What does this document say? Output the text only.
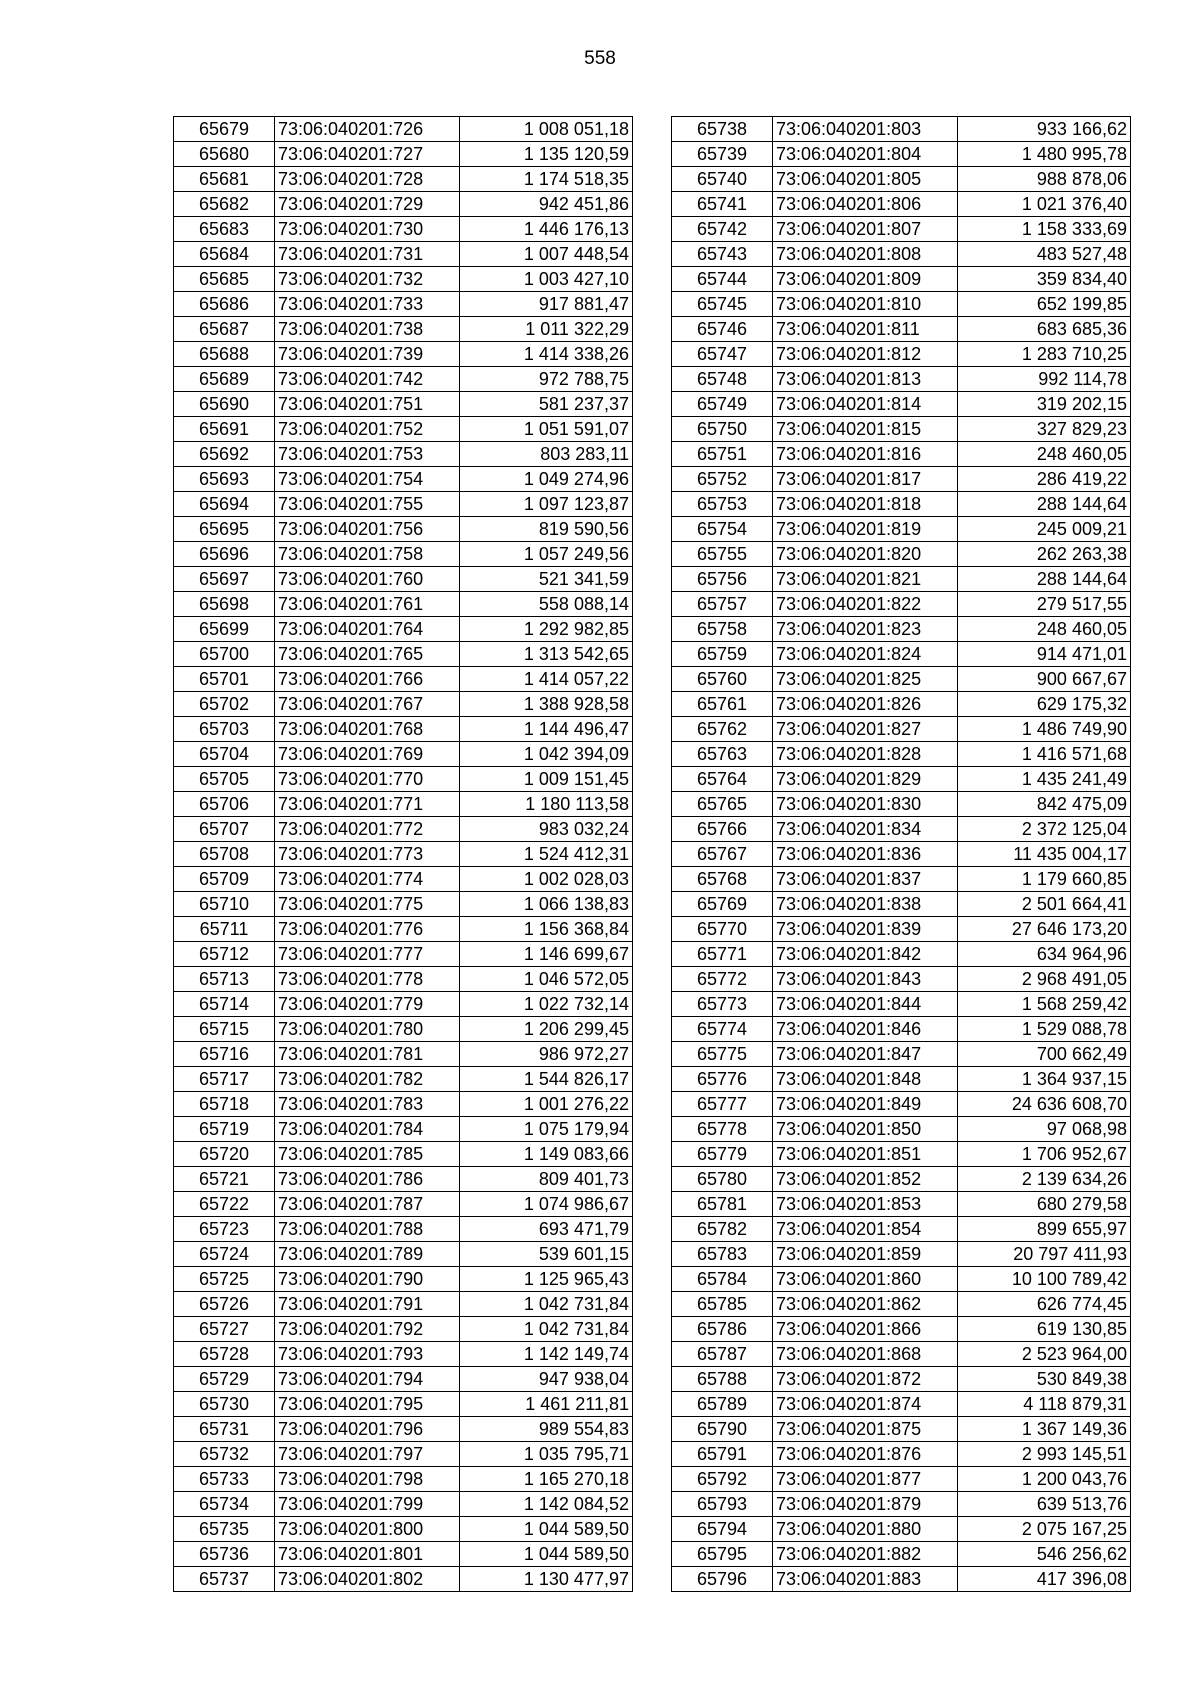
558
65679	73:06:040201:726	1 008 051,18
65680	73:06:040201:727	1 135 120,59
65681	73:06:040201:728	1 174 518,35
65682	73:06:040201:729	942 451,86
65683	73:06:040201:730	1 446 176,13
65684	73:06:040201:731	1 007 448,54
65685	73:06:040201:732	1 003 427,10
65686	73:06:040201:733	917 881,47
65687	73:06:040201:738	1 011 322,29
65688	73:06:040201:739	1 414 338,26
65689	73:06:040201:742	972 788,75
65690	73:06:040201:751	581 237,37
65691	73:06:040201:752	1 051 591,07
65692	73:06:040201:753	803 283,11
65693	73:06:040201:754	1 049 274,96
65694	73:06:040201:755	1 097 123,87
65695	73:06:040201:756	819 590,56
65696	73:06:040201:758	1 057 249,56
65697	73:06:040201:760	521 341,59
65698	73:06:040201:761	558 088,14
65699	73:06:040201:764	1 292 982,85
65700	73:06:040201:765	1 313 542,65
65701	73:06:040201:766	1 414 057,22
65702	73:06:040201:767	1 388 928,58
65703	73:06:040201:768	1 144 496,47
65704	73:06:040201:769	1 042 394,09
65705	73:06:040201:770	1 009 151,45
65706	73:06:040201:771	1 180 113,58
65707	73:06:040201:772	983 032,24
65708	73:06:040201:773	1 524 412,31
65709	73:06:040201:774	1 002 028,03
65710	73:06:040201:775	1 066 138,83
65711	73:06:040201:776	1 156 368,84
65712	73:06:040201:777	1 146 699,67
65713	73:06:040201:778	1 046 572,05
65714	73:06:040201:779	1 022 732,14
65715	73:06:040201:780	1 206 299,45
65716	73:06:040201:781	986 972,27
65717	73:06:040201:782	1 544 826,17
65718	73:06:040201:783	1 001 276,22
65719	73:06:040201:784	1 075 179,94
65720	73:06:040201:785	1 149 083,66
65721	73:06:040201:786	809 401,73
65722	73:06:040201:787	1 074 986,67
65723	73:06:040201:788	693 471,79
65724	73:06:040201:789	539 601,15
65725	73:06:040201:790	1 125 965,43
65726	73:06:040201:791	1 042 731,84
65727	73:06:040201:792	1 042 731,84
65728	73:06:040201:793	1 142 149,74
65729	73:06:040201:794	947 938,04
65730	73:06:040201:795	1 461 211,81
65731	73:06:040201:796	989 554,83
65732	73:06:040201:797	1 035 795,71
65733	73:06:040201:798	1 165 270,18
65734	73:06:040201:799	1 142 084,52
65735	73:06:040201:800	1 044 589,50
65736	73:06:040201:801	1 044 589,50
65737	73:06:040201:802	1 130 477,97
65738	73:06:040201:803	933 166,62
65739	73:06:040201:804	1 480 995,78
65740	73:06:040201:805	988 878,06
65741	73:06:040201:806	1 021 376,40
65742	73:06:040201:807	1 158 333,69
65743	73:06:040201:808	483 527,48
65744	73:06:040201:809	359 834,40
65745	73:06:040201:810	652 199,85
65746	73:06:040201:811	683 685,36
65747	73:06:040201:812	1 283 710,25
65748	73:06:040201:813	992 114,78
65749	73:06:040201:814	319 202,15
65750	73:06:040201:815	327 829,23
65751	73:06:040201:816	248 460,05
65752	73:06:040201:817	286 419,22
65753	73:06:040201:818	288 144,64
65754	73:06:040201:819	245 009,21
65755	73:06:040201:820	262 263,38
65756	73:06:040201:821	288 144,64
65757	73:06:040201:822	279 517,55
65758	73:06:040201:823	248 460,05
65759	73:06:040201:824	914 471,01
65760	73:06:040201:825	900 667,67
65761	73:06:040201:826	629 175,32
65762	73:06:040201:827	1 486 749,90
65763	73:06:040201:828	1 416 571,68
65764	73:06:040201:829	1 435 241,49
65765	73:06:040201:830	842 475,09
65766	73:06:040201:834	2 372 125,04
65767	73:06:040201:836	11 435 004,17
65768	73:06:040201:837	1 179 660,85
65769	73:06:040201:838	2 501 664,41
65770	73:06:040201:839	27 646 173,20
65771	73:06:040201:842	634 964,96
65772	73:06:040201:843	2 968 491,05
65773	73:06:040201:844	1 568 259,42
65774	73:06:040201:846	1 529 088,78
65775	73:06:040201:847	700 662,49
65776	73:06:040201:848	1 364 937,15
65777	73:06:040201:849	24 636 608,70
65778	73:06:040201:850	97 068,98
65779	73:06:040201:851	1 706 952,67
65780	73:06:040201:852	2 139 634,26
65781	73:06:040201:853	680 279,58
65782	73:06:040201:854	899 655,97
65783	73:06:040201:859	20 797 411,93
65784	73:06:040201:860	10 100 789,42
65785	73:06:040201:862	626 774,45
65786	73:06:040201:866	619 130,85
65787	73:06:040201:868	2 523 964,00
65788	73:06:040201:872	530 849,38
65789	73:06:040201:874	4 118 879,31
65790	73:06:040201:875	1 367 149,36
65791	73:06:040201:876	2 993 145,51
65792	73:06:040201:877	1 200 043,76
65793	73:06:040201:879	639 513,76
65794	73:06:040201:880	2 075 167,25
65795	73:06:040201:882	546 256,62
65796	73:06:040201:883	417 396,08
